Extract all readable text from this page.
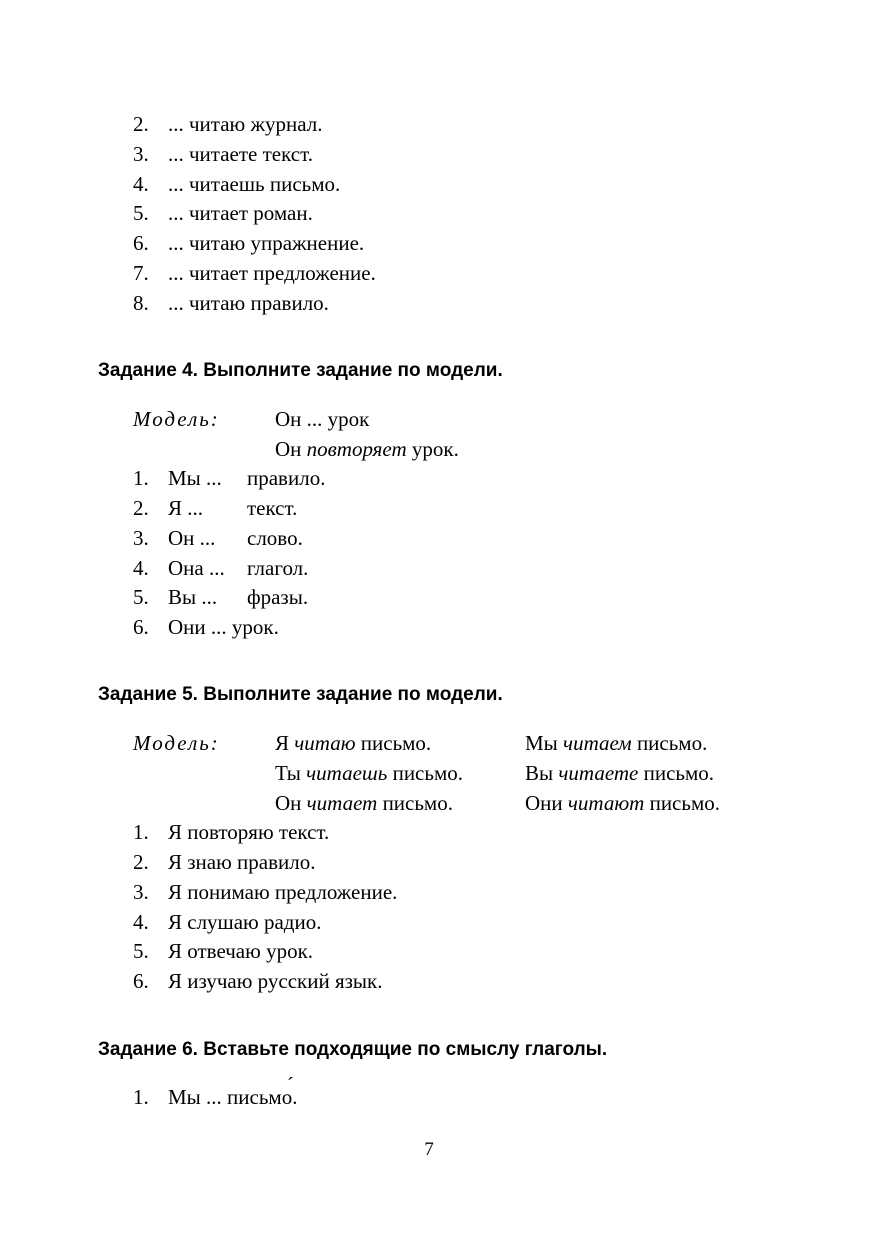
2. ... читаю журнал.
3. ... читаете текст.
4. ... читаешь письмо.
5. ... читает роман.
6. ... читаю упражнение.
7. ... читает предложение.
8. ... читаю правило.
Задание 4. Выполните задание по модели.
Модель:	Он ... урок
Он повторяет урок.
1. Мы ... правило.
2. Я ... текст.
3. Он ... слово.
4. Она ... глагол.
5. Вы ... фразы.
6. Они ... урок.
Задание 5. Выполните задание по модели.
Модель:	Я читаю письмо.	Мы читаем письмо.
Ты читаешь письмо.	Вы читаете письмо.
Он читает письмо.	Они читают письмо.
1. Я повторяю текст.
2. Я знаю правило.
3. Я понимаю предложение.
4. Я слушаю радио.
5. Я отвечаю урок.
6. Я изучаю русский язык.
Задание 6. Вставьте подходящие по смыслу глаголы.
1. Мы ... письмо ´.
7
